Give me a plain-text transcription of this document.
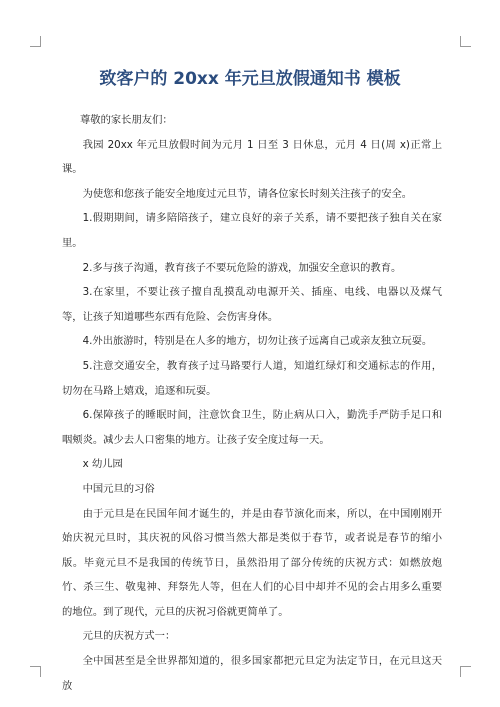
致客户的 20xx 年元旦放假通知书 模板

尊敬的家长朋友们：

我园 20xx 年元旦放假时间为元月 1 日至 3 日休息，元月 4 日(周 x)正常上课。

为使您和您孩子能安全地度过元旦节，请各位家长时刻关注孩子的安全。

1.假期期间，请多陪陪孩子，建立良好的亲子关系，请不要把孩子独自关在家里。

2.多与孩子沟通，教育孩子不要玩危险的游戏，加强安全意识的教育。

3.在家里，不要让孩子擅自乱摸乱动电源开关、插座、电线、电器以及煤气等，让孩子知道哪些东西有危险、会伤害身体。

4.外出旅游时，特别是在人多的地方，切勿让孩子远离自己或亲友独立玩耍。

5.注意交通安全，教育孩子过马路要行人道，知道红绿灯和交通标志的作用，切勿在马路上嬉戏，追逐和玩耍。

6.保障孩子的睡眠时间，注意饮食卫生，防止病从口入，勤洗手严防手足口和咽颊炎。减少去人口密集的地方。让孩子安全度过每一天。

x 幼儿园

中国元旦的习俗

由于元旦是在民国年间才诞生的，并是由春节演化而来，所以，在中国刚刚开始庆祝元旦时，其庆祝的风俗习惯当然大都是类似于春节，或者说是春节的缩小版。毕竟元旦不是我国的传统节日，虽然沿用了部分传统的庆祝方式：如燃放炮竹、杀三生、敬鬼神、拜祭先人等，但在人们的心目中却并不见的会占用多么重要的地位。到了现代，元旦的庆祝习俗就更简单了。

元旦的庆祝方式一：

全中国甚至是全世界都知道的，很多国家都把元旦定为法定节日，在元旦这天放
